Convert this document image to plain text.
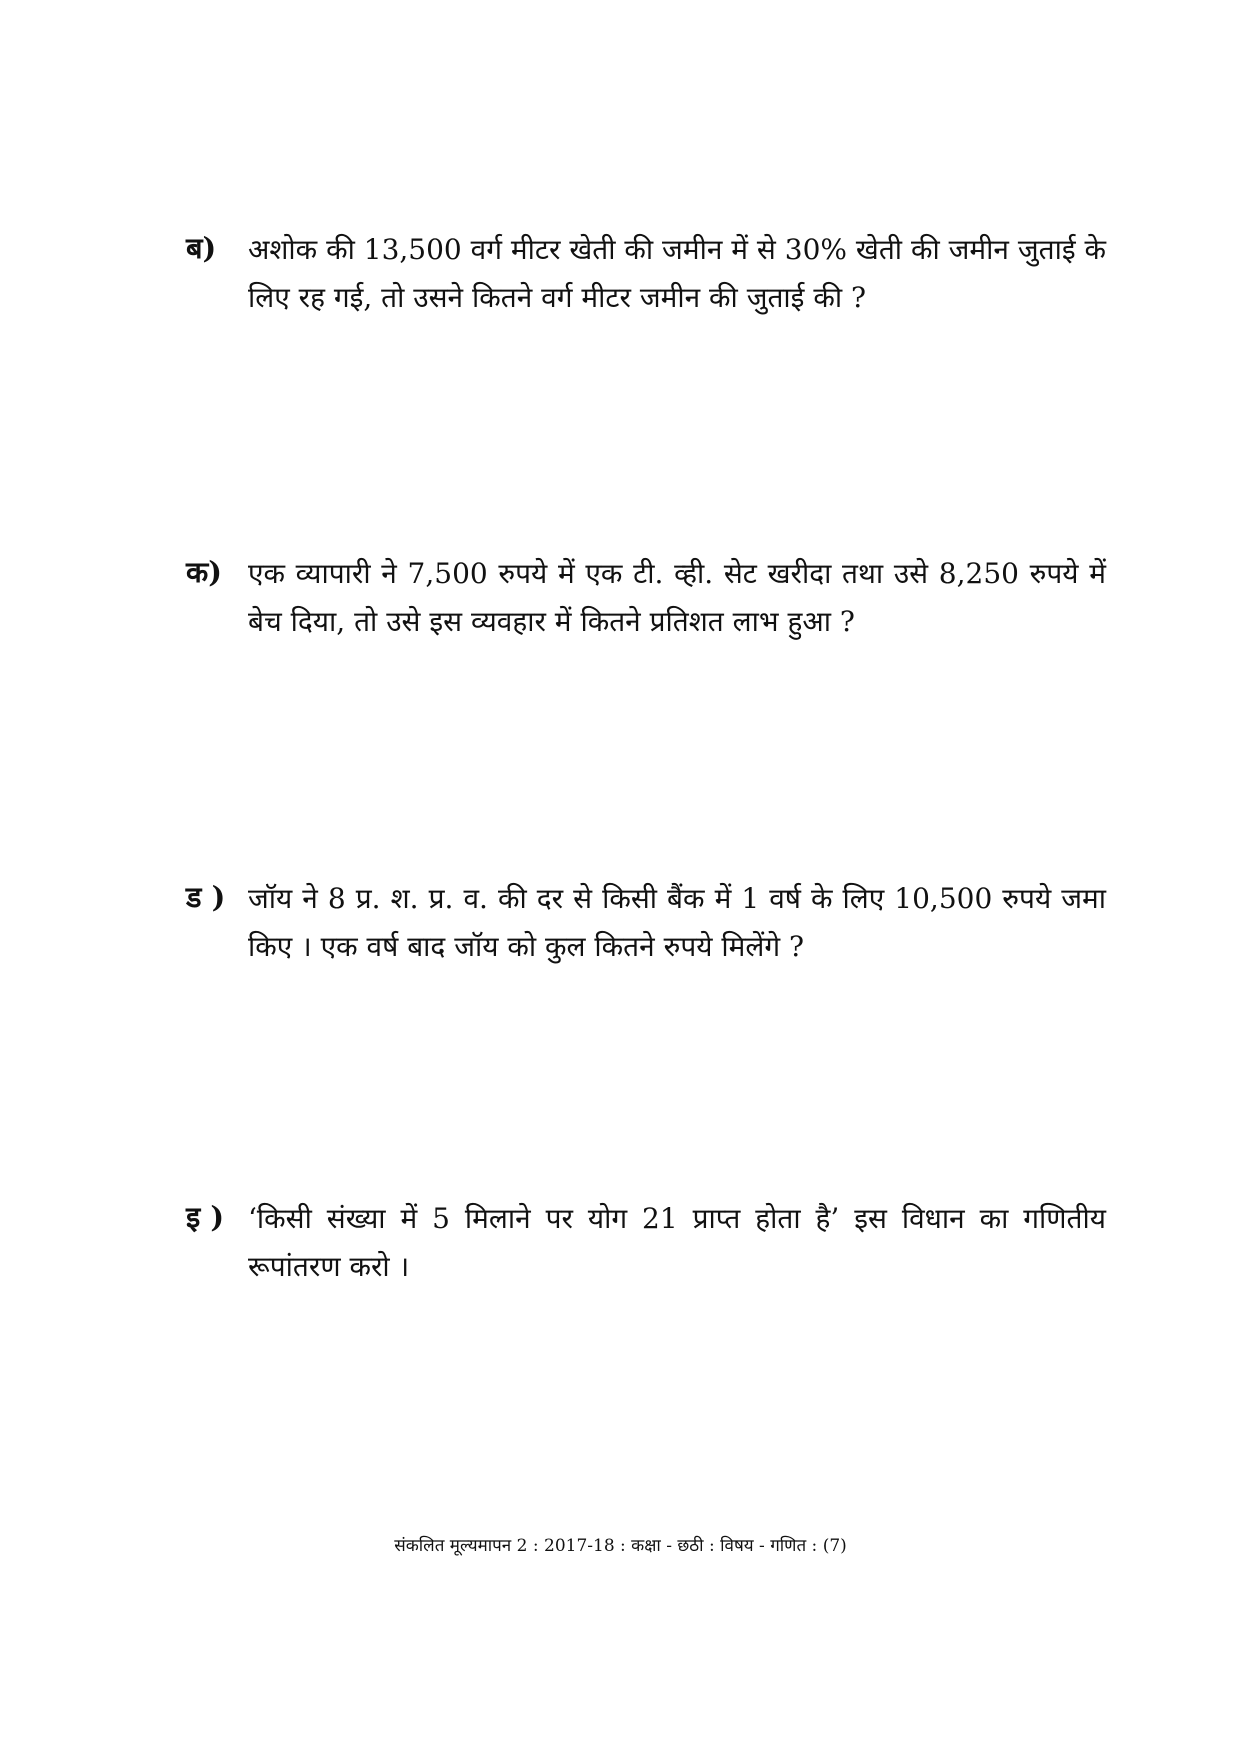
ब) अशोक की 13,500 वर्ग मीटर खेती की जमीन में से 30% खेती की जमीन जुताई के लिए रह गई, तो उसने कितने वर्ग मीटर जमीन की जुताई की ?
क) एक व्यापारी ने 7,500 रुपये में एक टी. व्ही. सेट खरीदा तथा उसे 8,250 रुपये में बेच दिया, तो उसे इस व्यवहार में कितने प्रतिशत लाभ हुआ ?
ड ) जॉय ने 8 प्र. श. प्र. व. की दर से किसी बैंक में 1 वर्ष के लिए 10,500 रुपये जमा किए । एक वर्ष बाद जॉय को कुल कितने रुपये मिलेंगे ?
इ ) ‘किसी संख्या में 5 मिलाने पर योग 21 प्राप्त होता है’ इस विधान का गणितीय रूपांतरण करो ।
संकलित मूल्यमापन 2 : 2017-18 : कक्षा - छठी : विषय - गणित : (7)
